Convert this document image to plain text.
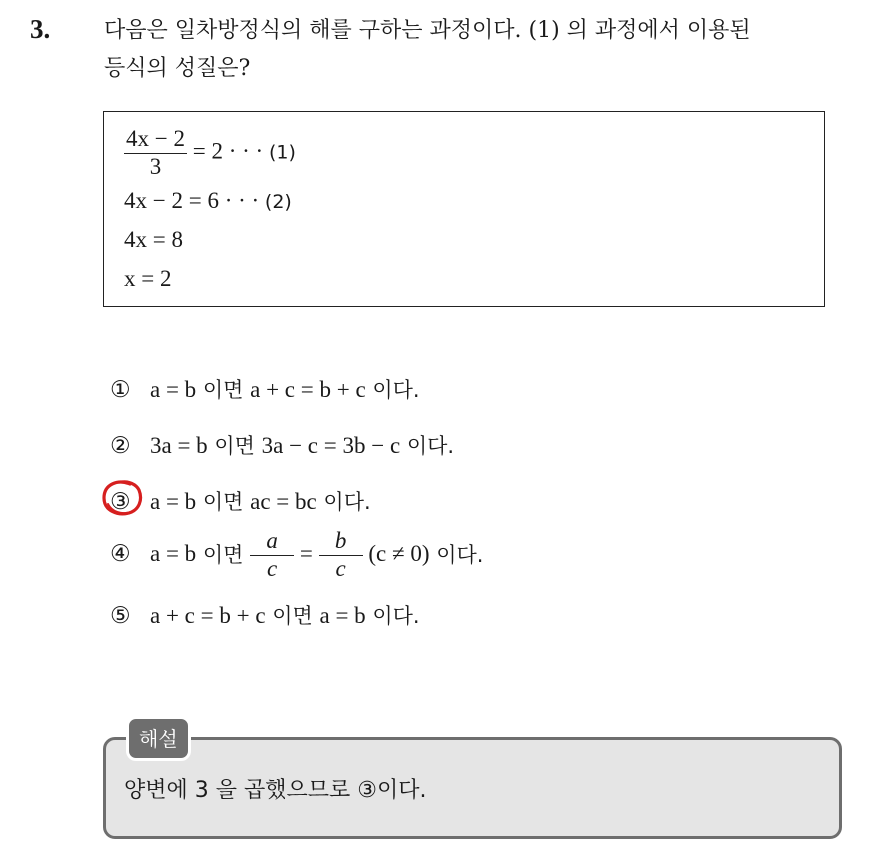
3. 다음은 일차방정식의 해를 구하는 과정이다. (1) 의 과정에서 이용된
등식의 성질은?
$\frac{4x - 2}{3} = 2$ · · · (1)
4x − 2 = 6 · · · (2)
4x = 8
x = 2
① a = b 이면 a + c = b + c 이다.
② 3a = b 이면 3a − c = 3b − c 이다.
③ a = b 이면 ac = bc 이다.
④ a = b 이면 $\frac{a}{c} = \frac{b}{c} (c \ne 0)$ 이다.
⑤ a + c = b + c 이면 a = b 이다.
해설
양변에 3 을 곱했으므로 ③이다.
